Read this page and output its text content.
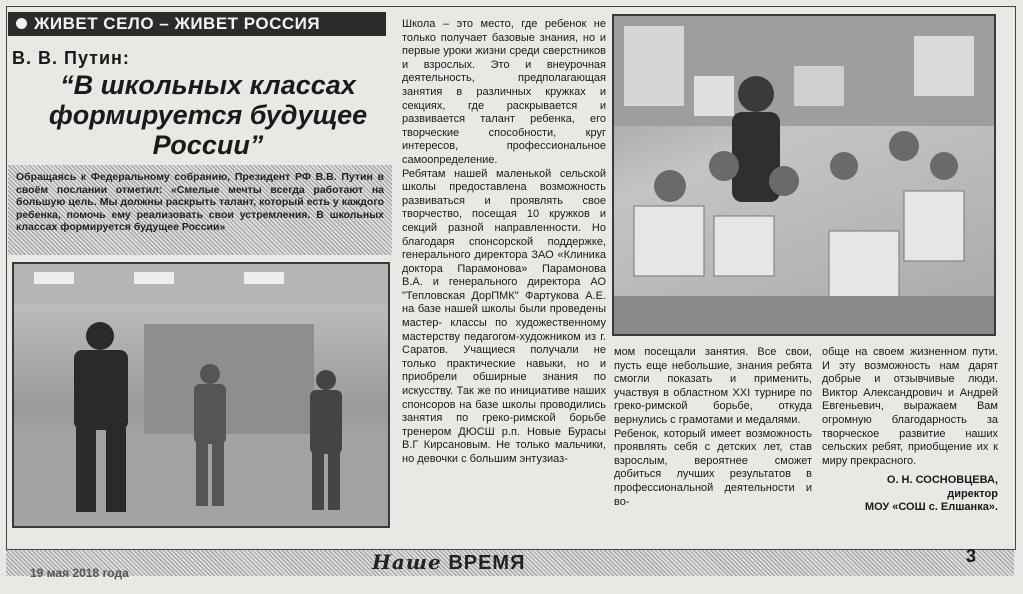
ЖИВЕТ СЕЛО – ЖИВЕТ РОССИЯ
В. В. Путин:
“В школьных классах формируется будущее России”
Обращаясь к Федеральному собранию, Президент РФ В.В. Путин в своём послании отметил: «Смелые мечты всегда работают на большую цель. Мы должны раскрыть талант, который есть у каждого ребенка, помочь ему реализовать свои устремления. В школьных классах формируется будущее России»
Школа – это место, где ребенок не только получает базовые знания, но и первые уроки жизни среди сверстников и взрослых. Это и внеурочная деятельность, предполагающая занятия в различных кружках и секциях, где раскрывается и развивается талант ребенка, его творческие способности, круг интересов, профессиональное самоопределение.
Ребятам нашей маленькой сельской школы предоставлена возможность развиваться и проявлять свое творчество, посещая 10 кружков и секций разной направленности. Но благодаря спонсорской поддержке, генерального директора ЗАО «Клиника доктора Парамонова» Парамонова В.А. и генерального директора АО "Тепловская ДорПМК" Фартукова А.Е. на базе нашей школы были проведены мастер- классы по художественному мастерству педагогом-художником из г. Саратов. Учащиеся получали не только практические навыки, но и приобрели обширные знания по искусству. Так же по инициативе наших спонсоров на базе школы проводились занятия по греко-римской борьбе тренером ДЮСШ р.п. Новые Бурасы В.Г Кирсановым. Не только мальчики, но девочки с большим энтузиаз-
мом посещали занятия. Все свои, пусть еще небольшие, знания ребята смогли показать и применить, участвуя в областном XXI турнире по греко-римской борьбе, откуда вернулись с грамотами и медалями.
Ребенок, который имеет возможность проявлять себя с детских лет, став взрослым, вероятнее сможет добиться лучших результатов в профессиональной деятельности и во-
обще на своем жизненном пути. И эту возможность нам дарят добрые и отзывчивые люди. Виктор Александрович и Андрей Евгеньевич, выражаем Вам огромную благодарность за творческое развитие наших сельских ребят, приобщение их к миру прекрасного.
О. Н. СОСНОВЦЕВА,
директор
МОУ «СОШ с. Елшанка».
19 мая 2018 года	Наше ВРЕМЯ	3
